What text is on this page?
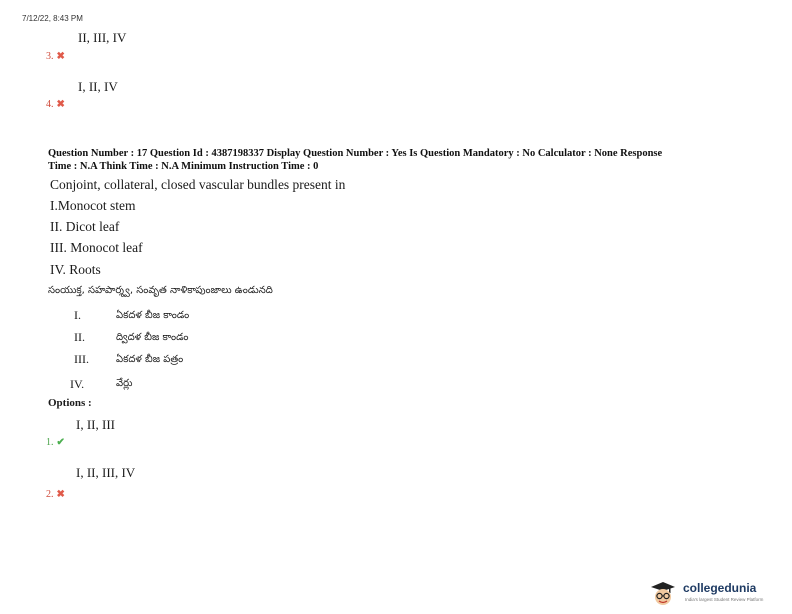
7/12/22, 8:43 PM
II, III, IV
3. ✖
I, II, IV
4. ✖
Question Number : 17 Question Id : 4387198337 Display Question Number : Yes Is Question Mandatory : No Calculator : None Response
Time : N.A Think Time : N.A Minimum Instruction Time : 0
Conjoint, collateral, closed vascular bundles present in
I.Monocot stem
II. Dicot leaf
III. Monocot leaf
IV. Roots
సంయుక్త, సహపార్శ్వ, సంవృత నాళికాపుంజాలు ఉండునది
I.	ఏకదళ బీజ కాండం
II.	ద్విదళ బీజ కాండం
III.	ఏకదళ బీజ పత్రం
IV.	వేర్లు
Options :
I, II, III
1. ✔
I, II, III, IV
2. ✖
collegedunia
India's largest Student Review Platform
